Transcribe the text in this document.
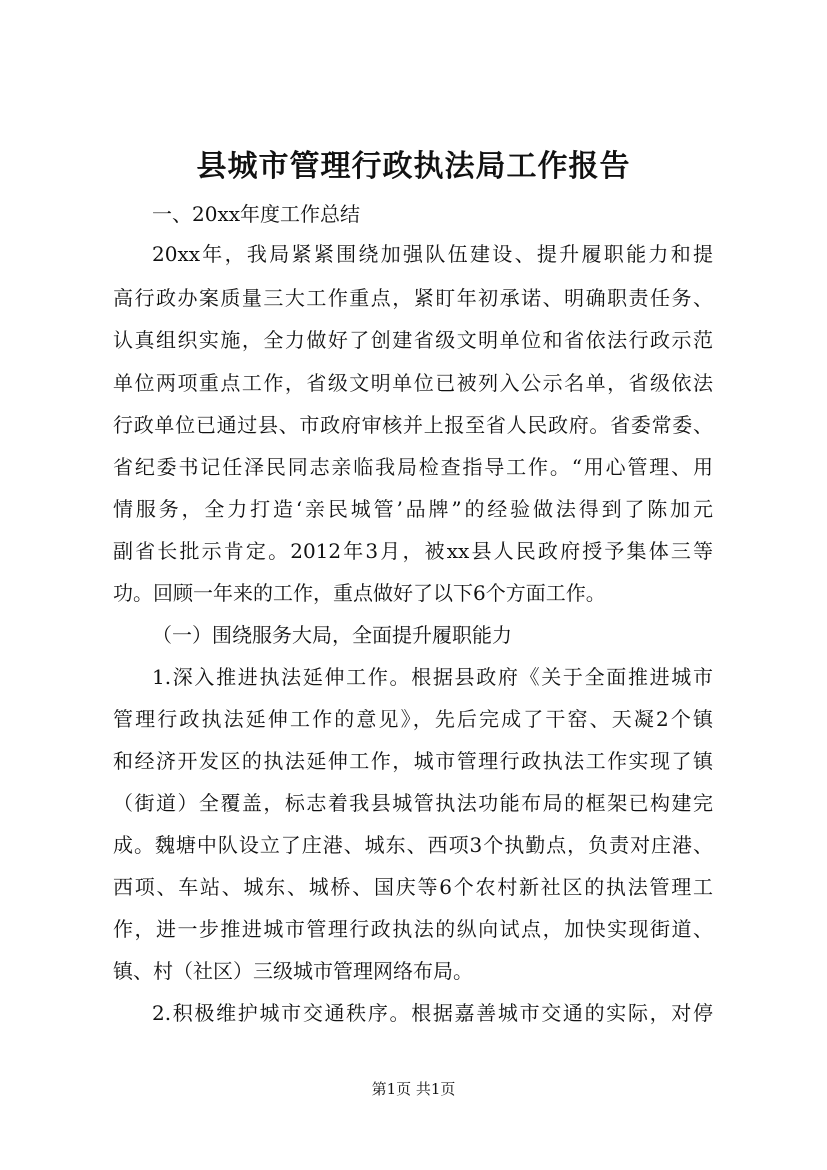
县城市管理行政执法局工作报告
一、20xx年度工作总结
20xx年，我局紧紧围绕加强队伍建设、提升履职能力和提
高行政办案质量三大工作重点，紧盯年初承诺、明确职责任务、
认真组织实施，全力做好了创建省级文明单位和省依法行政示范
单位两项重点工作，省级文明单位已被列入公示名单，省级依法
行政单位已通过县、市政府审核并上报至省人民政府。省委常委、
省纪委书记任泽民同志亲临我局检查指导工作。“用心管理、用
情服务，全力打造‘亲民城管’品牌”的经验做法得到了陈加元
副省长批示肯定。2012年3月，被xx县人民政府授予集体三等
功。回顾一年来的工作，重点做好了以下6个方面工作。
（一）围绕服务大局，全面提升履职能力
1.深入推进执法延伸工作。根据县政府《关于全面推进城市
管理行政执法延伸工作的意见》，先后完成了干窑、天凝2个镇
和经济开发区的执法延伸工作，城市管理行政执法工作实现了镇
（街道）全覆盖，标志着我县城管执法功能布局的框架已构建完
成。魏塘中队设立了庄港、城东、西项3个执勤点，负责对庄港、
西项、车站、城东、城桥、国庆等6个农村新社区的执法管理工
作，进一步推进城市管理行政执法的纵向试点，加快实现街道、
镇、村（社区）三级城市管理网络布局。
2.积极维护城市交通秩序。根据嘉善城市交通的实际，对停
第1页 共1页
